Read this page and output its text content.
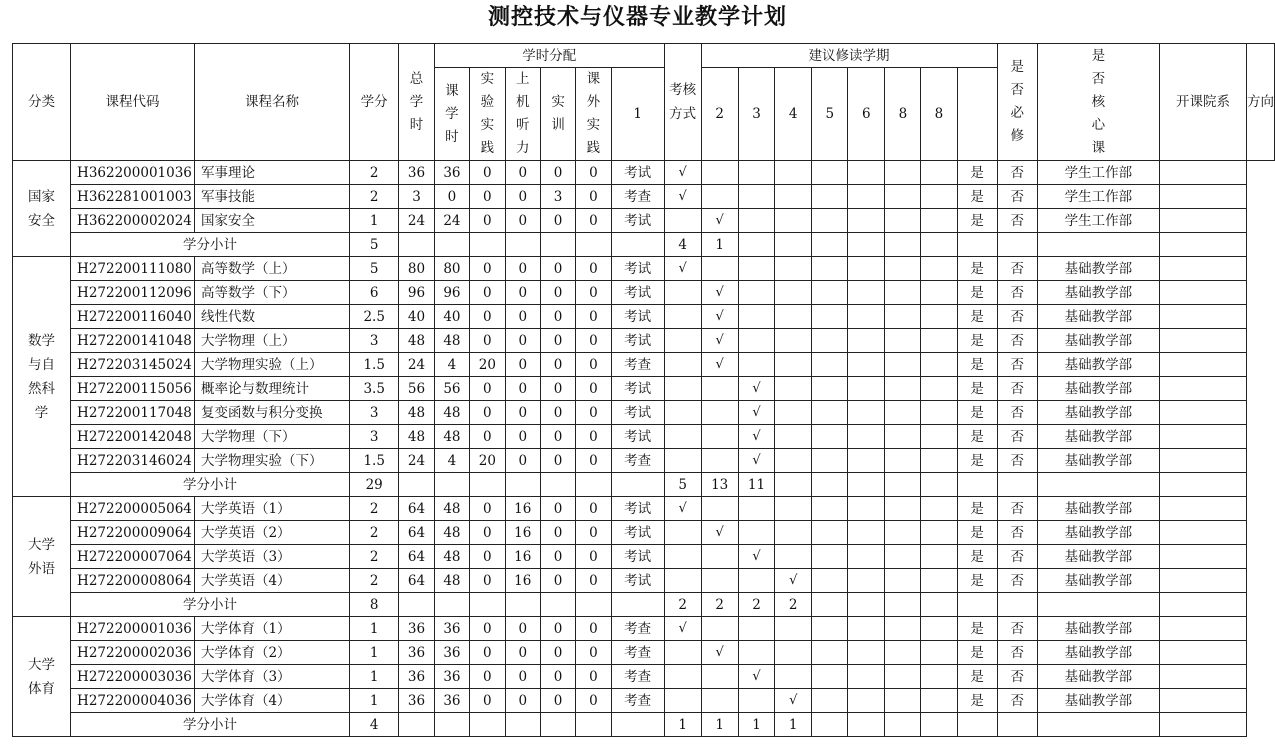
测控技术与仪器专业教学计划
分类	课程代码	课程名称	学分	总学时	学时分配						考核方式	建议修读学期								是否必修	是否核心课	开课院系	方向
					课学时	实验实践	上机听力	实训	课外实践	1		2	3	4	5	6	8	8					
国家安全	H362200001036	军事理论	2	36	36	0	0	0	0	考试	√								是	否	学生工作部		
	H362281001003	军事技能	2	3	0	0	0	3	0	考查	√								是	否	学生工作部		
	H362200002024	国家安全	1	24	24	0	0	0	0	考试		√							是	否	学生工作部		
	学分小计		5								4	1											
数学与自然科学	H272200111080	高等数学（上）	5	80	80	0	0	0	0	考试	√								是	否	基础教学部		
	H272200112096	高等数学（下）	6	96	96	0	0	0	0	考试		√							是	否	基础教学部		
	H272200116040	线性代数	2.5	40	40	0	0	0	0	考试		√							是	否	基础教学部		
	H272200141048	大学物理（上）	3	48	48	0	0	0	0	考试		√							是	否	基础教学部		
	H272203145024	大学物理实验（上）	1.5	24	4	20	0	0	0	考查		√							是	否	基础教学部		
	H272200115056	概率论与数理统计	3.5	56	56	0	0	0	0	考试			√						是	否	基础教学部		
	H272200117048	复变函数与积分变换	3	48	48	0	0	0	0	考试			√						是	否	基础教学部		
	H272200142048	大学物理（下）	3	48	48	0	0	0	0	考试			√						是	否	基础教学部		
	H272203146024	大学物理实验（下）	1.5	24	4	20	0	0	0	考查			√						是	否	基础教学部		
	学分小计		29								5	13	11										
大学外语	H272200005064	大学英语（1）	2	64	48	0	16	0	0	考试	√								是	否	基础教学部		
	H272200009064	大学英语（2）	2	64	48	0	16	0	0	考试		√							是	否	基础教学部		
	H272200007064	大学英语（3）	2	64	48	0	16	0	0	考试			√						是	否	基础教学部		
	H272200008064	大学英语（4）	2	64	48	0	16	0	0	考试				√					是	否	基础教学部		
	学分小计		8								2	2	2	2									
大学体育	H272200001036	大学体育（1）	1	36	36	0	0	0	0	考查	√								是	否	基础教学部		
	H272200002036	大学体育（2）	1	36	36	0	0	0	0	考查		√							是	否	基础教学部		
	H272200003036	大学体育（3）	1	36	36	0	0	0	0	考查			√						是	否	基础教学部		
	H272200004036	大学体育（4）	1	36	36	0	0	0	0	考查				√					是	否	基础教学部		
	学分小计		4								1	1	1	1									
